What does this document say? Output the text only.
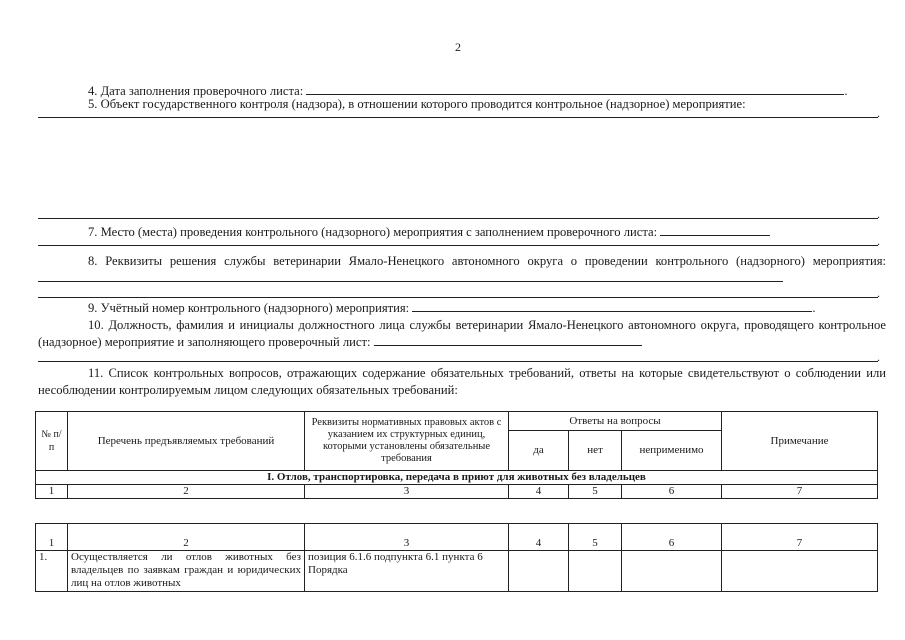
2
4. Дата заполнения проверочного листа:	.
5. Объект государственного контроля (надзора), в отношении которого проводится контрольное (надзорное) мероприятие:
.
.
7. Место (места) проведения контрольного (надзорного) мероприятия с заполнением проверочного листа:
.
8. Реквизиты решения службы ветеринарии Ямало-Ненецкого автономного округа о проведении контрольного (надзорного) мероприятия:
.
9. Учётный номер контрольного (надзорного) мероприятия:	.
10. Должность, фамилия и инициалы должностного лица службы ветеринарии Ямало-Ненецкого автономного округа, проводящего контрольное (надзорное) мероприятие и заполняющего проверочный лист:
.
11. Список контрольных вопросов, отражающих содержание обязательных требований, ответы на которые свидетельствуют о соблюдении или несоблюдении контролируемым лицом следующих обязательных требований:
№ п/п	Перечень предъявляемых требований	Реквизиты нормативных правовых актов с указанием их структурных единиц, которыми установлены обязательные требования	Ответы на вопросы			Примечание
			да	нет	неприменимо	
I. Отлов, транспортировка, передача в приют для животных без владельцев						
1	2	3	4	5	6	7
1	2	3	4	5	6	7
1.	Осуществляется ли отлов животных без владельцев по заявкам граждан и юридических лиц на отлов животных	позиция 6.1.6 подпункта 6.1 пункта 6 Порядка				
